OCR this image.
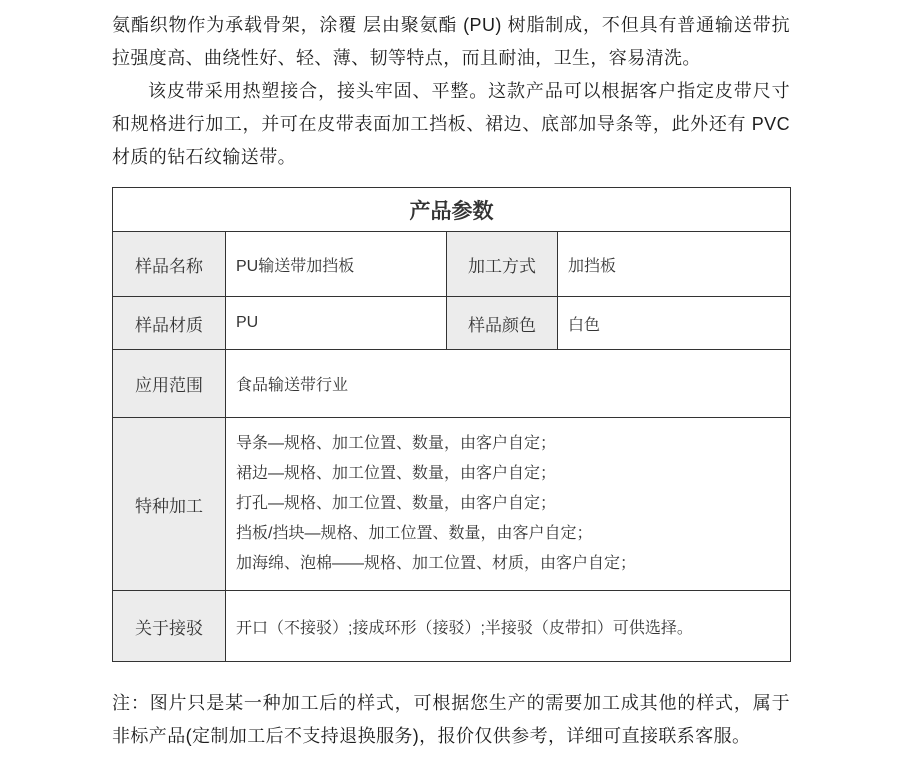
氨酯织物作为承载骨架，涂覆 层由聚氨酯 (PU) 树脂制成，不但具有普通输送带抗拉强度高、曲绕性好、轻、薄、韧等特点，而且耐油，卫生，容易清洗。

该皮带采用热塑接合，接头牢固、平整。这款产品可以根据客户指定皮带尺寸和规格进行加工，并可在皮带表面加工挡板、裙边、底部加导条等，此外还有 PVC 材质的钻石纹输送带。

产品参数			
样品名称	PU输送带加挡板	加工方式	加挡板
样品材质	PU	样品颜色	白色
应用范围	食品输送带行业		
特种加工	导条—规格、加工位置、数量，由客户自定；
裙边—规格、加工位置、数量，由客户自定；
打孔—规格、加工位置、数量，由客户自定；
挡板/挡块—规格、加工位置、数量，由客户自定；
加海绵、泡棉——规格、加工位置、材质，由客户自定；		

关于接驳	开口（不接驳）;接成环形（接驳）;半接驳（皮带扣）可供选择。		
注：图片只是某一种加工后的样式，可根据您生产的需要加工成其他的样式，属于非标产品(定制加工后不支持退换服务)，报价仅供参考，详细可直接联系客服。
